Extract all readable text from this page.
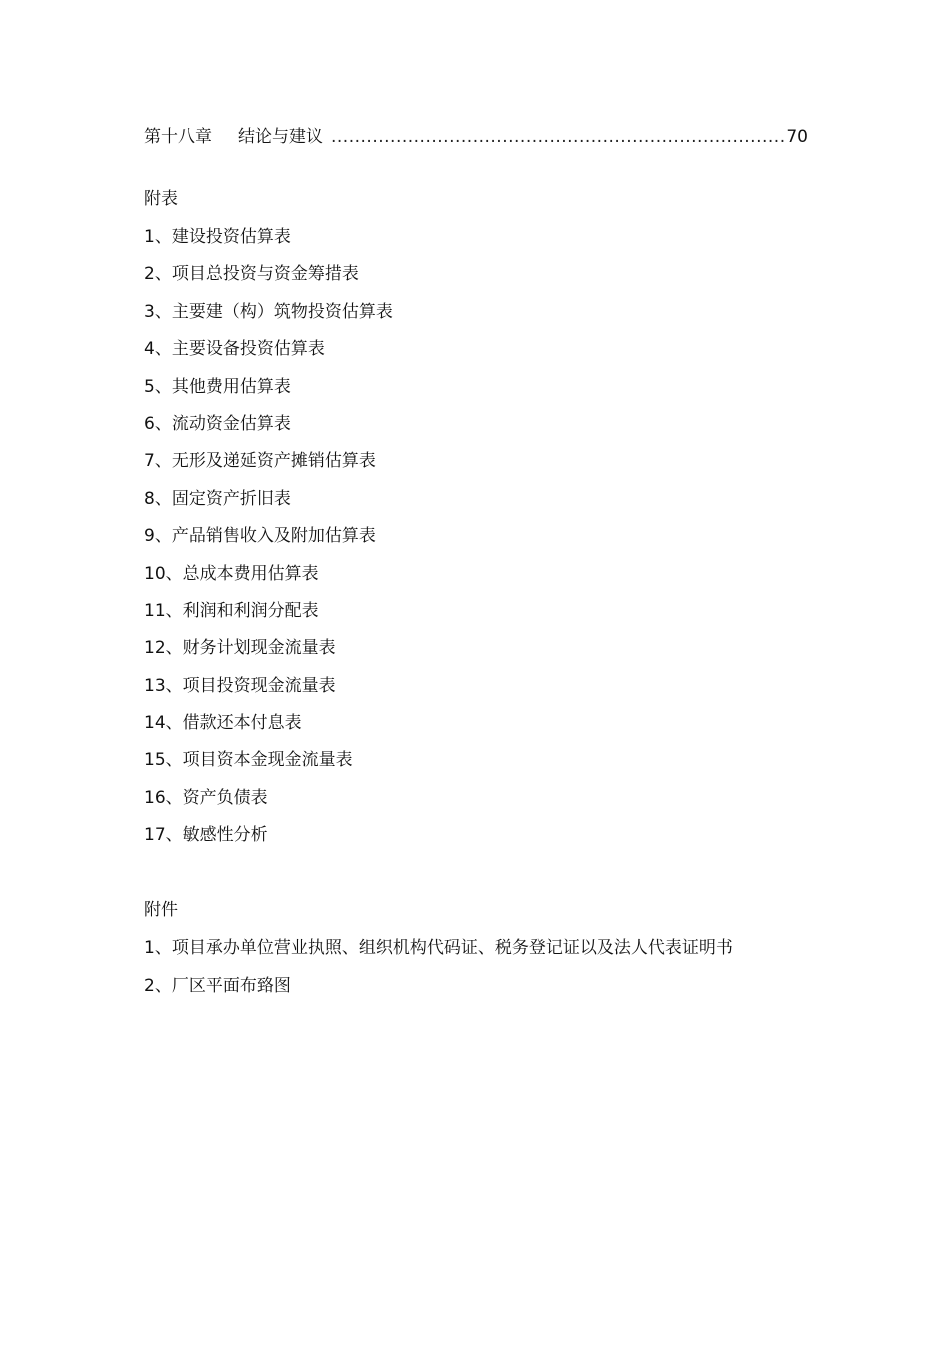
第十八章 结论与建议
.....	70
附表
1、建设投资估算表
2、项目总投资与资金筹措表
3、主要建（构）筑物投资估算表
4、主要设备投资估算表
5、其他费用估算表
6、流动资金估算表
7、无形及递延资产摊销估算表
8、固定资产折旧表
9、产品销售收入及附加估算表
10、总成本费用估算表
11、利润和利润分配表
12、财务计划现金流量表
13、项目投资现金流量表
14、借款还本付息表
15、项目资本金现金流量表
16、资产负债表
17、敏感性分析
附件
1、项目承办单位营业执照、组织机构代码证、税务登记证以及法人代表证明书
2、厂区平面布臵图
